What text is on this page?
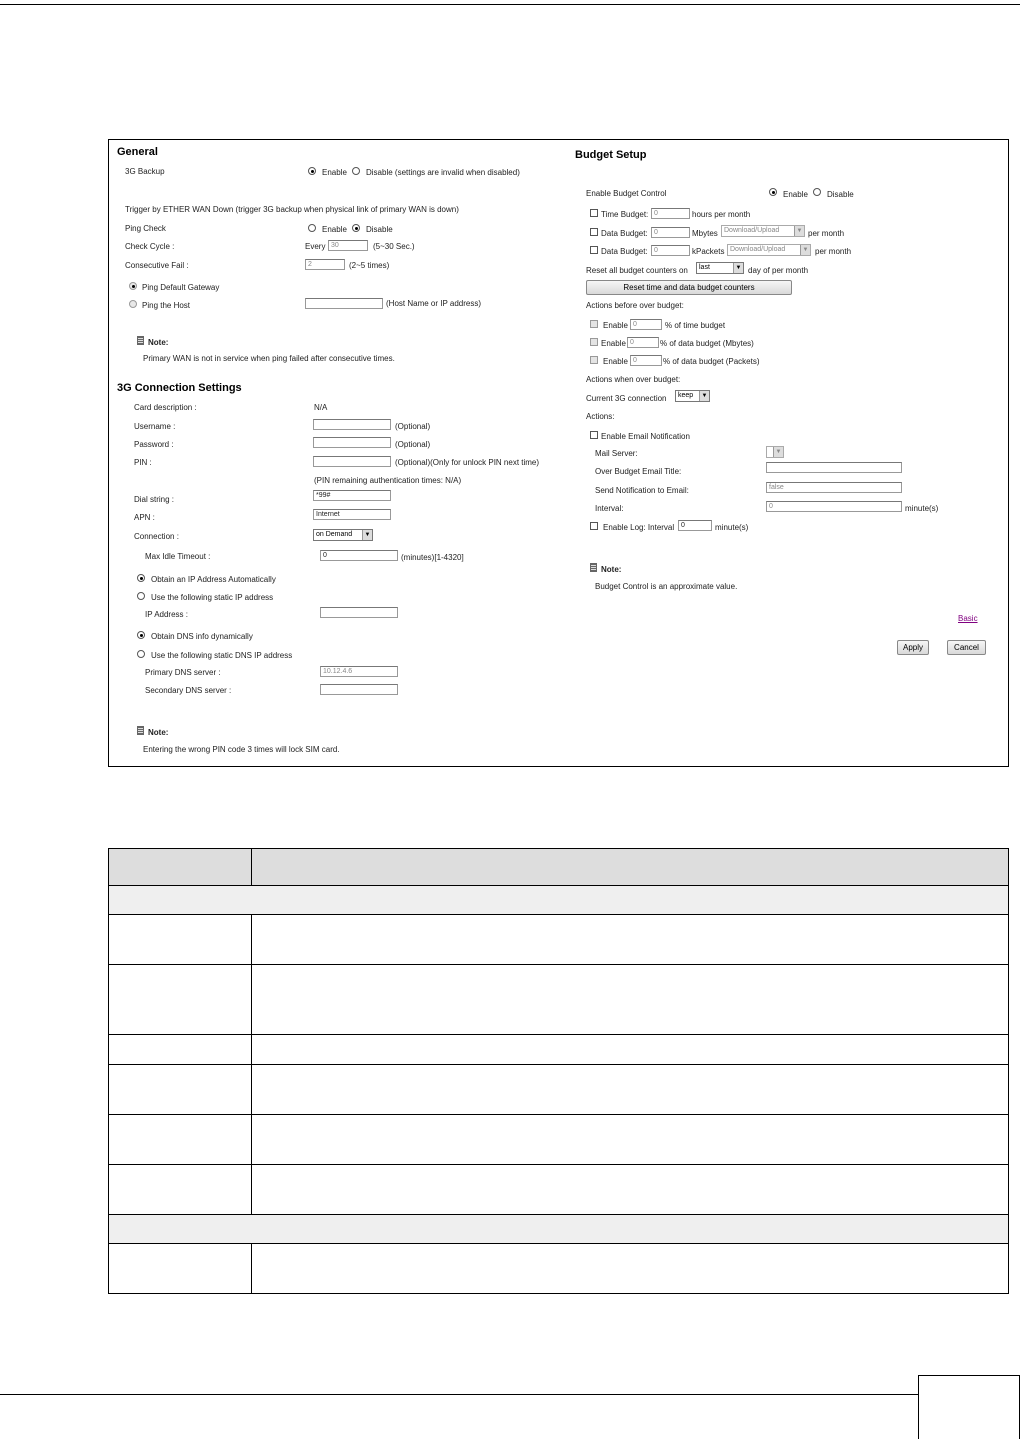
General
3G Backup	Enable Disable (settings are invalid when disabled)
Trigger by ETHER WAN Down (trigger 3G backup when physical link of primary WAN is down)
Ping Check	Enable Disable
Check Cycle :	Every 30	(5~30 Sec.)
Consecutive Fail :	2	(2~5 times)
Ping Default Gateway
Ping the Host	(Host Name or IP address)
Note:
Primary WAN is not in service when ping failed after consecutive times.
3G Connection Settings
Card description :	N/A
Username :	(Optional)
Password :	(Optional)
PIN :	(Optional)(Only for unlock PIN next time)
(PIN remaining authentication times: N/A)
Dial string :	*99#
APN :	Internet
Connection :	on Demand	▼
Max Idle Timeout :	0	(minutes)[1-4320]
Obtain an IP Address Automatically
Use the following static IP address
IP Address :
Obtain DNS info dynamically
Use the following static DNS IP address
Primary DNS server :	10.12.4.6
Secondary DNS server :
Note:
Entering the wrong PIN code 3 times will lock SIM card.
Budget Setup
Enable Budget Control	Enable Disable
Time Budget: 0	hours per month
Data Budget: 0	Mbytes Download/Upload	▼ per month
Data Budget: 0	kPackets Download/Upload	▼ per month
Reset all budget counters on	last	▼ day of per month
Reset time and data budget counters
Actions before over budget:
Enable 0	% of time budget
Enable 0	% of data budget (Mbytes)
Enable 0	% of data budget (Packets)
Actions when over budget:
Current 3G connection	keep	▼
Actions:
Enable Email Notification
Mail Server:	▼
Over Budget Email Title:
Send Notification to Email:	false
Interval:	0	minute(s)
Enable Log: Interval 0	minute(s)
Note:
Budget Control is an approximate value.
Basic
Apply	Cancel
